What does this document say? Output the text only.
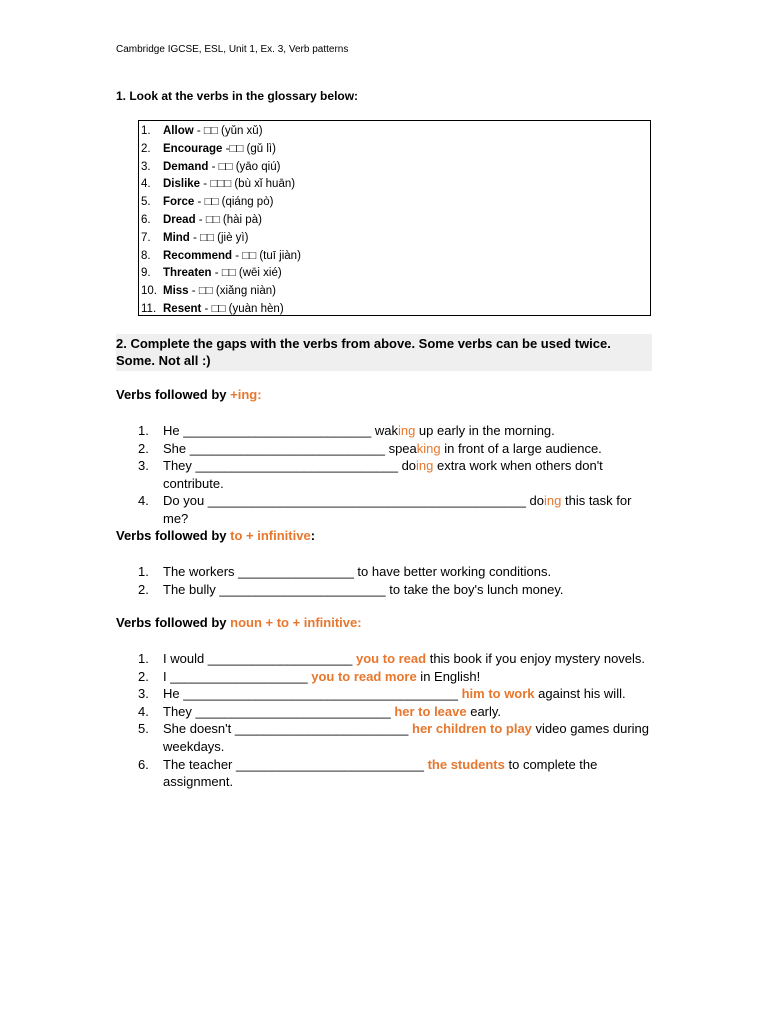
Cambridge IGCSE, ESL, Unit 1, Ex. 3, Verb patterns
1. Look at the verbs in the glossary below:
1. Allow - □□ (yǔn xǔ)
2. Encourage -□□ (gǔ lì)
3. Demand - □□ (yāo qiú)
4. Dislike - □□□ (bù xǐ huān)
5. Force - □□ (qiáng pò)
6. Dread - □□ (hài pà)
7. Mind - □□ (jiè yì)
8. Recommend - □□ (tuī jiàn)
9. Threaten - □□ (wēi xié)
10. Miss - □□ (xiǎng niàn)
11. Resent - □□ (yuàn hèn)
2. Complete the gaps with the verbs from above. Some verbs can be used twice. Some. Not all :)
Verbs followed by +ing:
1. He __________________________ waking up early in the morning.
2. She ___________________________ speaking in front of a large audience.
3. They ____________________________ doing extra work when others don't contribute.
4. Do you ____________________________________________ doing this task for me?
Verbs followed by to + infinitive:
1. The workers ________________ to have better working conditions.
2. The bully _______________________ to take the boy's lunch money.
Verbs followed by noun + to + infinitive:
1. I would ____________________ you to read this book if you enjoy mystery novels.
2. I ___________________ you to read more in English!
3. He ______________________________________ him to work against his will.
4. They ___________________________ her to leave early.
5. She doesn't ________________________ her children to play video games during weekdays.
6. The teacher __________________________ the students to complete the assignment.
